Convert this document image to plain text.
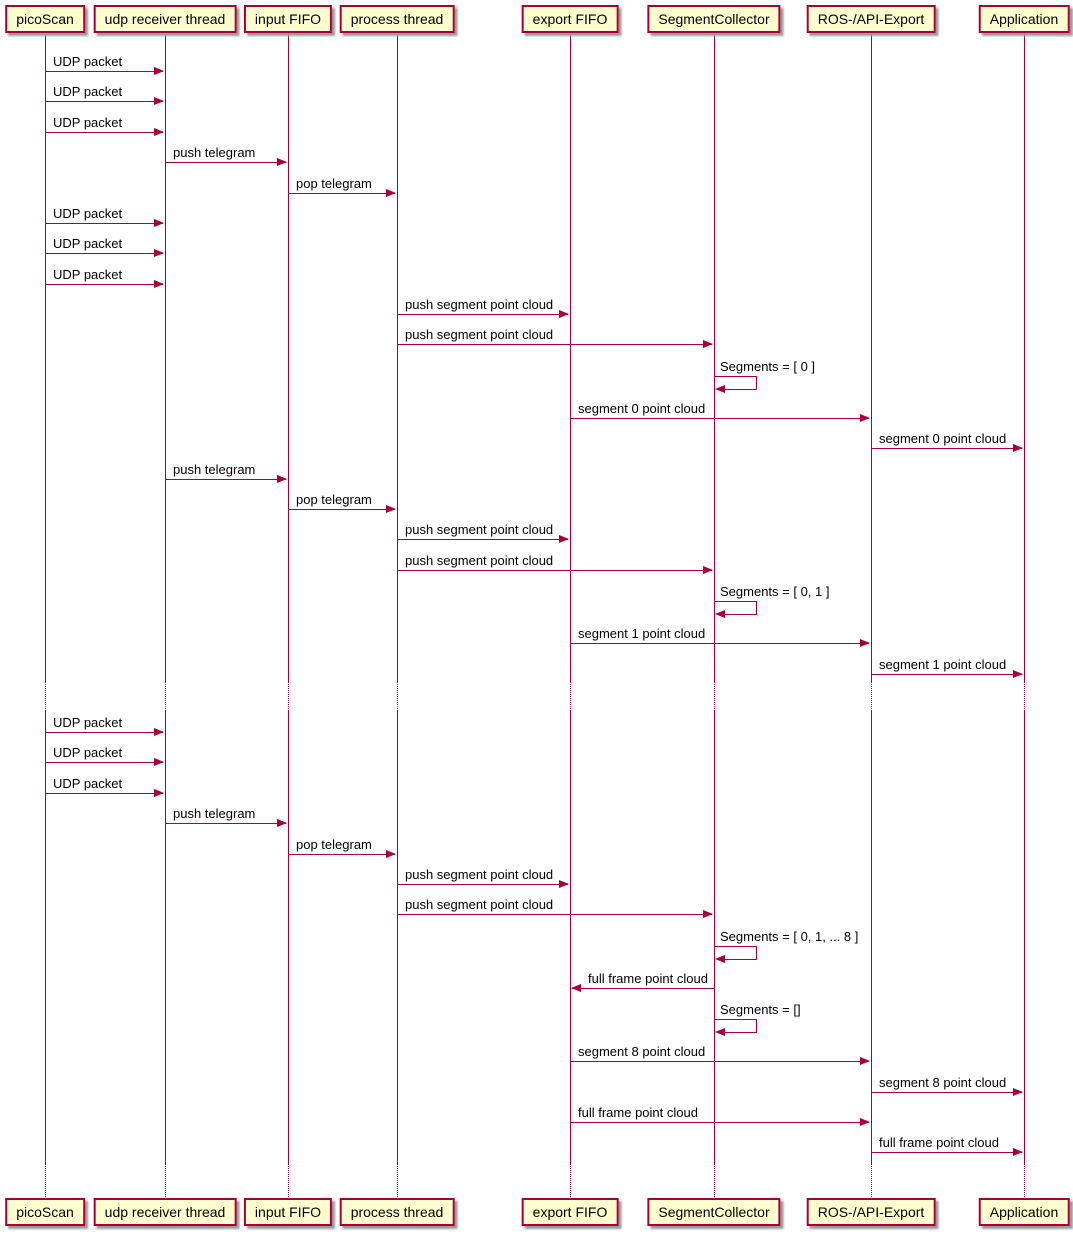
picoScan
picoScan
udp receiver thread
udp receiver thread
input FIFO
input FIFO
process thread
process thread
export FIFO
export FIFO
SegmentCollector
SegmentCollector
ROS-/API-Export
ROS-/API-Export
Application
Application
UDP packet
UDP packet
UDP packet
push telegram
pop telegram
UDP packet
UDP packet
UDP packet
push segment point cloud
push segment point cloud
Segments = [ 0 ]
segment 0 point cloud
segment 0 point cloud
push telegram
pop telegram
push segment point cloud
push segment point cloud
Segments = [ 0, 1 ]
segment 1 point cloud
segment 1 point cloud
UDP packet
UDP packet
UDP packet
push telegram
pop telegram
push segment point cloud
push segment point cloud
Segments = [ 0, 1, ... 8 ]
full frame point cloud
Segments = []
segment 8 point cloud
segment 8 point cloud
full frame point cloud
full frame point cloud
